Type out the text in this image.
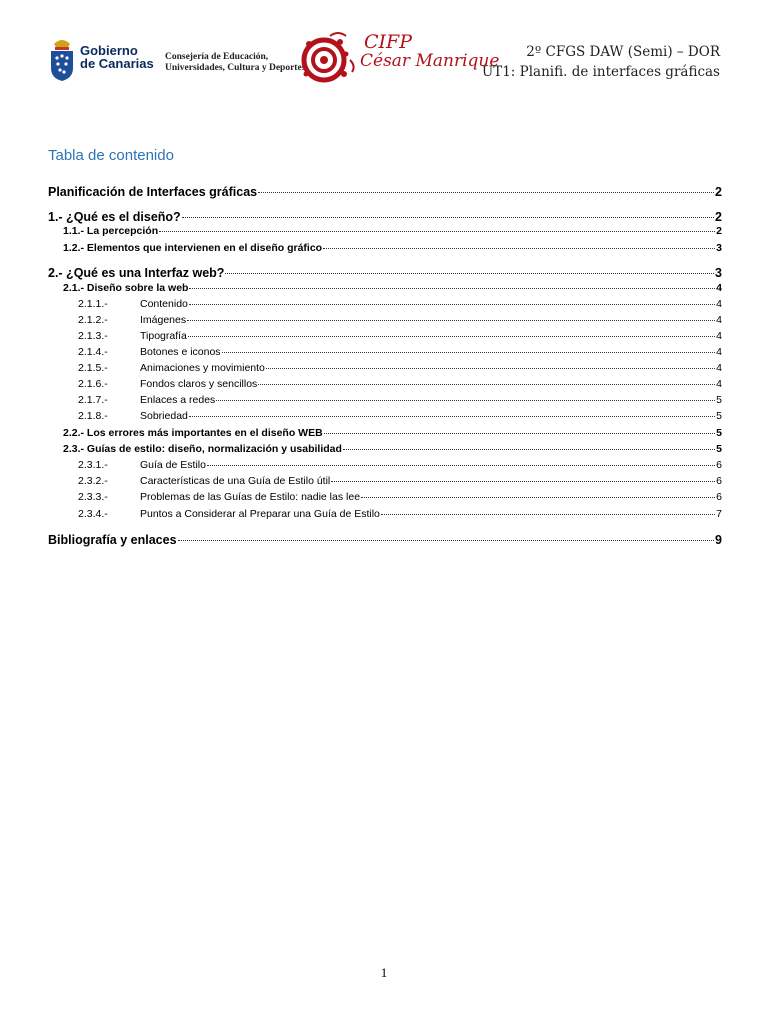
Gobierno
de Canarias Consejería de Educación,
Universidades, Cultura y Deportes
CIFP
César Manrique	2º CFGS DAW (Semi) – DOR
UT1: Planifi. de interfaces gráficas
Tabla de contenido
Planificación de Interfaces gráficas	2
1.- ¿Qué es el diseño?	2
1.1.- La percepción	2
1.2.- Elementos que intervienen en el diseño gráfico	3
2.- ¿Qué es una Interfaz web?	3
2.1.- Diseño sobre la web	4
2.1.1.-	Contenido	4
2.1.2.-	Imágenes	4
2.1.3.-	Tipografía	4
2.1.4.-	Botones e iconos	4
2.1.5.-	Animaciones y movimiento	4
2.1.6.-	Fondos claros y sencillos	4
2.1.7.-	Enlaces a redes	5
2.1.8.-	Sobriedad	5
2.2.- Los errores más importantes en el diseño WEB	5
2.3.- Guías de estilo: diseño, normalización y usabilidad	5
2.3.1.-	Guía de Estilo	6
2.3.2.-	Características de una Guía de Estilo útil	6
2.3.3.-	Problemas de las Guías de Estilo: nadie las lee	6
2.3.4.-	Puntos a Considerar al Preparar una Guía de Estilo	7
Bibliografía y enlaces	9
1
